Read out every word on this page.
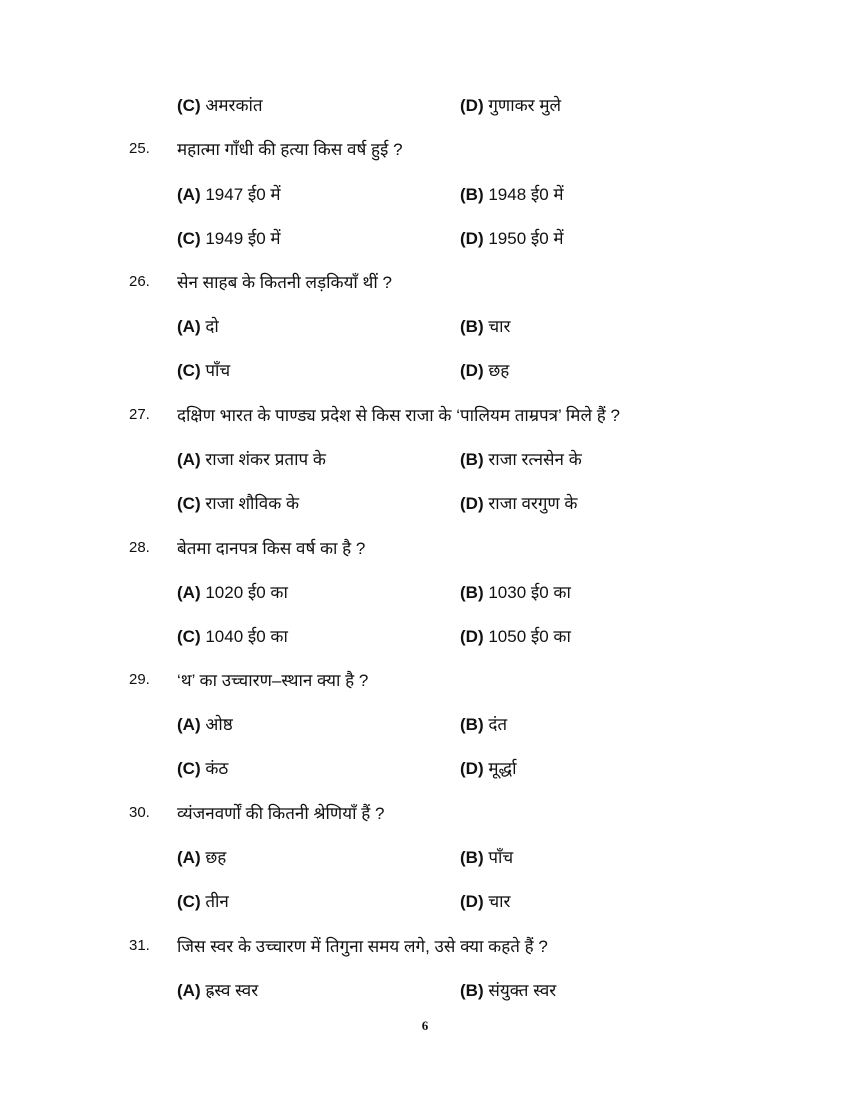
(C) अमरकांत	(D) गुणाकर मुले
25. महात्मा गाँधी की हत्या किस वर्ष हुई ?
(A) 1947 ई0 में	(B) 1948 ई0 में
(C) 1949 ई0 में	(D) 1950 ई0 में
26. सेन साहब के कितनी लड़कियाँ थीं ?
(A) दो	(B) चार
(C) पाँच	(D) छह
27. दक्षिण भारत के पाण्ड्य प्रदेश से किस राजा के ‘पालियम ताम्रपत्र’ मिले हैं ?
(A) राजा शंकर प्रताप के	(B) राजा रत्नसेन के
(C) राजा शौविक के	(D) राजा वरगुण के
28. बेतमा दानपत्र किस वर्ष का है ?
(A) 1020 ई0 का	(B) 1030 ई0 का
(C) 1040 ई0 का	(D) 1050 ई0 का
29. ‘थ’ का उच्चारण–स्थान क्या है ?
(A) ओष्ठ	(B) दंत
(C) कंठ	(D) मूर्द्धा
30. व्यंजनवर्णों की कितनी श्रेणियाँ हैं ?
(A) छह	(B) पाँच
(C) तीन	(D) चार
31. जिस स्वर के उच्चारण में तिगुना समय लगे, उसे क्या कहते हैं ?
(A) ह्रस्व स्वर	(B) संयुक्त स्वर
6
